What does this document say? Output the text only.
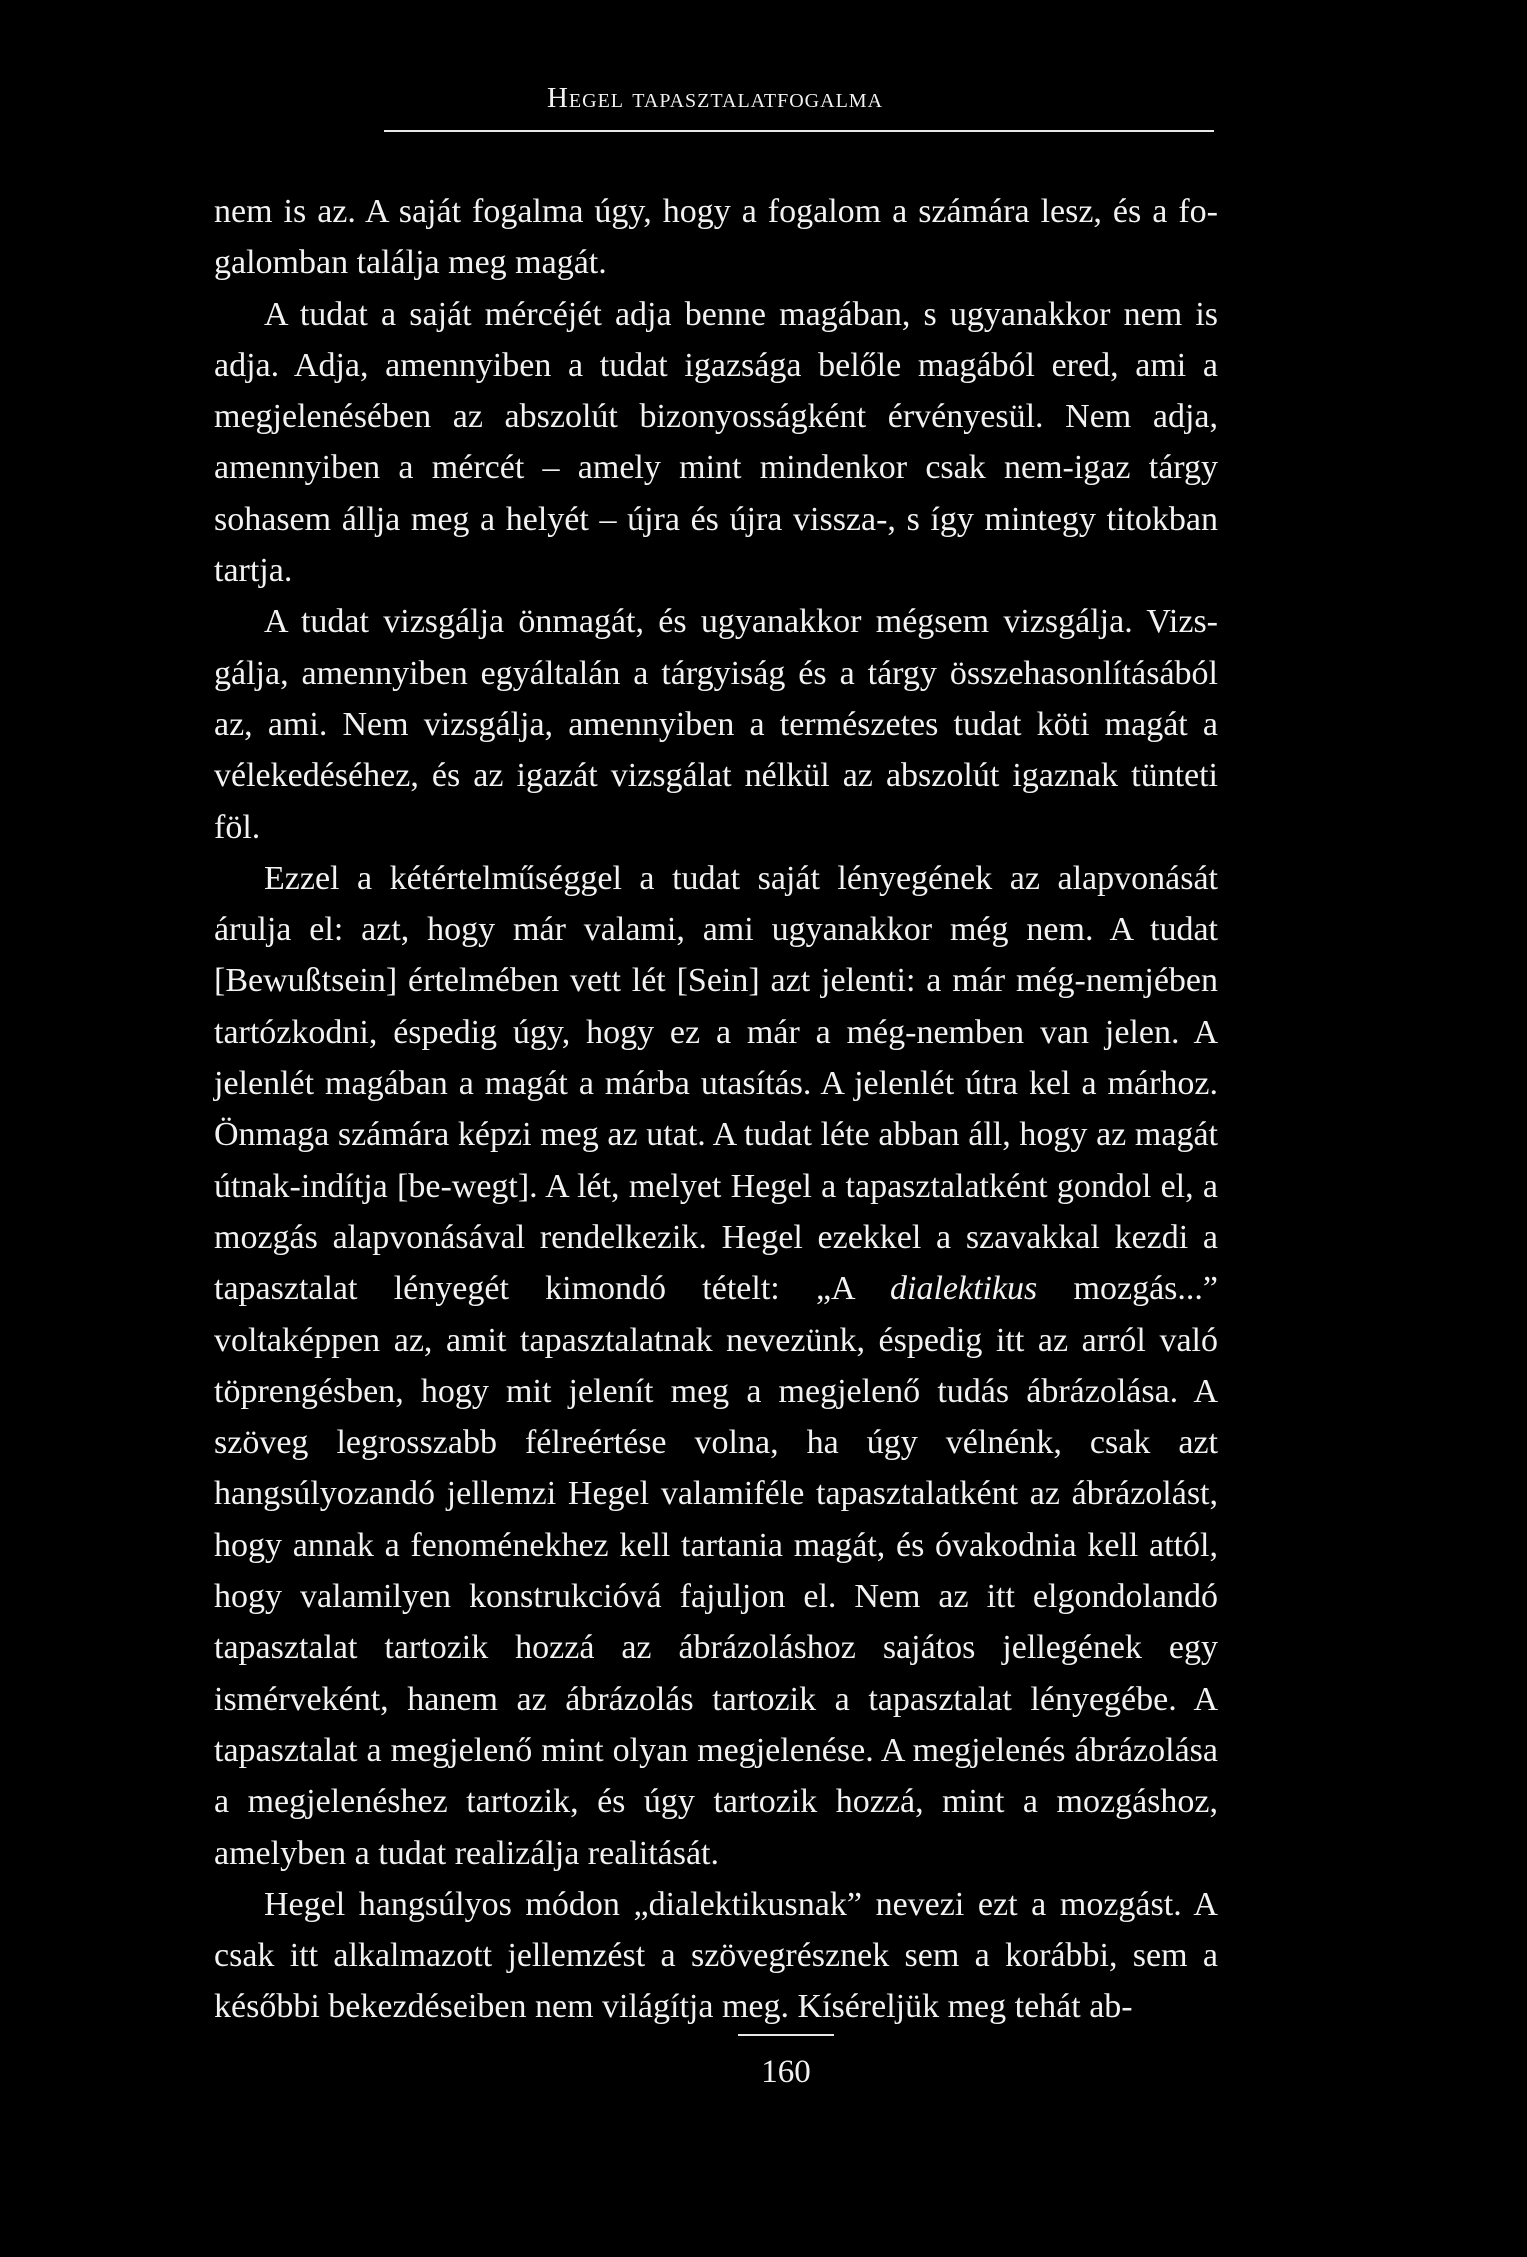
Hegel tapasztalatfogalma

nem is az. A saját fogalma úgy, hogy a fogalom a számára lesz, és a fogalomban találja meg magát.

A tudat a saját mércéjét adja benne magában, s ugyanakkor nem is adja. Adja, amennyiben a tudat igazsága belőle magából ered, ami a megjelenésében az abszolút bizonyosságként érvényesül. Nem adja, amennyiben a mércét – amely mint mindenkor csak nem-igaz tárgy sohasem állja meg a helyét – újra és újra vissza-, s így mintegy titokban tartja.

A tudat vizsgálja önmagát, és ugyanakkor mégsem vizsgálja. Vizsgálja, amennyiben egyáltalán a tárgyiság és a tárgy összehasonlításából az, ami. Nem vizsgálja, amennyiben a természetes tudat köti magát a vélekedéséhez, és az igazát vizsgálat nélkül az abszolút igaznak tünteti föl.

Ezzel a kétértelműséggel a tudat saját lényegének az alapvonását árulja el: azt, hogy már valami, ami ugyanakkor még nem. A tudat [Bewußtsein] értelmében vett lét [Sein] azt jelenti: a már még-nemjében tartózkodni, éspedig úgy, hogy ez a már a még-nemben van jelen. A jelenlét magában a magát a márba utasítás. A jelenlét útra kel a márhoz. Önmaga számára képzi meg az utat. A tudat léte abban áll, hogy az magát útnak-indítja [be-wegt]. A lét, melyet Hegel a tapasztalatként gondol el, a mozgás alapvonásával rendelkezik. Hegel ezekkel a szavakkal kezdi a tapasztalat lényegét kimondó tételt: „A dialektikus mozgás...” voltaképpen az, amit tapasztalatnak nevezünk, éspedig itt az arról való töprengésben, hogy mit jelenít meg a megjelenő tudás ábrázolása. A szöveg legrosszabb félreértése volna, ha úgy vélnénk, csak azt hangsúlyozandó jellemzi Hegel valamiféle tapasztalatként az ábrázolást, hogy annak a fenoménekhez kell tartania magát, és óvakodnia kell attól, hogy valamilyen konstrukcióvá fajuljon el. Nem az itt elgondolandó tapasztalat tartozik hozzá az ábrázoláshoz sajátos jellegének egy ismérveként, hanem az ábrázolás tartozik a tapasztalat lényegébe. A tapasztalat a megjelenő mint olyan megjelenése. A megjelenés ábrázolása a megjelenéshez tartozik, és úgy tartozik hozzá, mint a mozgáshoz, amelyben a tudat realizálja realitását.

Hegel hangsúlyos módon „dialektikusnak” nevezi ezt a mozgást. A csak itt alkalmazott jellemzést a szövegrésznek sem a korábbi, sem a későbbi bekezdéseiben nem világítja meg. Kíséreljük meg tehát ab-

160
